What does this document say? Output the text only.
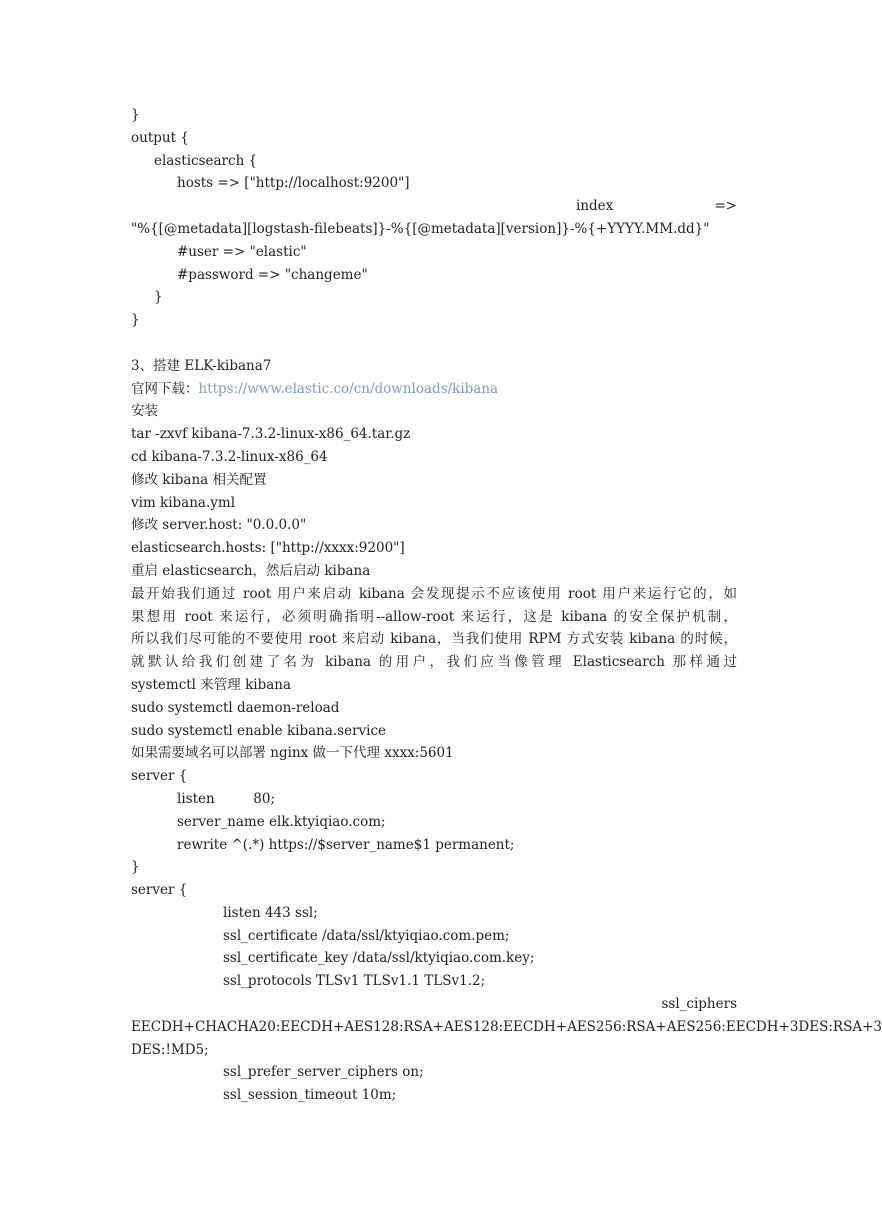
}
output {
elasticsearch {
hosts => ["http://localhost:9200"]
index	=>
"%{[@metadata][logstash-filebeats]}-%{[@metadata][version]}-%{+YYYY.MM.dd}"
#user => "elastic"
#password => "changeme"
}
}
3、搭建 ELK-kibana7
官网下载：https://www.elastic.co/cn/downloads/kibana
安装
tar -zxvf kibana-7.3.2-linux-x86_64.tar.gz
cd kibana-7.3.2-linux-x86_64
修改 kibana 相关配置
vim kibana.yml
修改 server.host: "0.0.0.0"
elasticsearch.hosts: ["http://xxxx:9200"]
重启 elasticsearch，然后启动 kibana
最开始我们通过 root 用户来启动 kibana 会发现提示不应该使用 root 用户来运行它的，如
果想用 root 来运行，必须明确指明--allow-root 来运行，这是 kibana 的安全保护机制，
所以我们尽可能的不要使用 root 来启动 kibana，当我们使用 RPM 方式安装 kibana 的时候，
就默认给我们创建了名为 kibana 的用户，我们应当像管理 Elasticsearch 那样通过
systemctl 来管理 kibana
sudo systemctl daemon-reload
sudo systemctl enable kibana.service
如果需要域名可以部署 nginx 做一下代理 xxxx:5601
server {
listen         80;
server_name elk.ktyiqiao.com;
rewrite ^(.*) https://$server_name$1 permanent;
}
server {
listen 443 ssl;
ssl_certificate /data/ssl/ktyiqiao.com.pem;
ssl_certificate_key /data/ssl/ktyiqiao.com.key;
ssl_protocols TLSv1 TLSv1.1 TLSv1.2;
ssl_ciphers
EECDH+CHACHA20:EECDH+AES128:RSA+AES128:EECDH+AES256:RSA+AES256:EECDH+3DES:RSA+3
DES:!MD5;
ssl_prefer_server_ciphers on;
ssl_session_timeout 10m;
